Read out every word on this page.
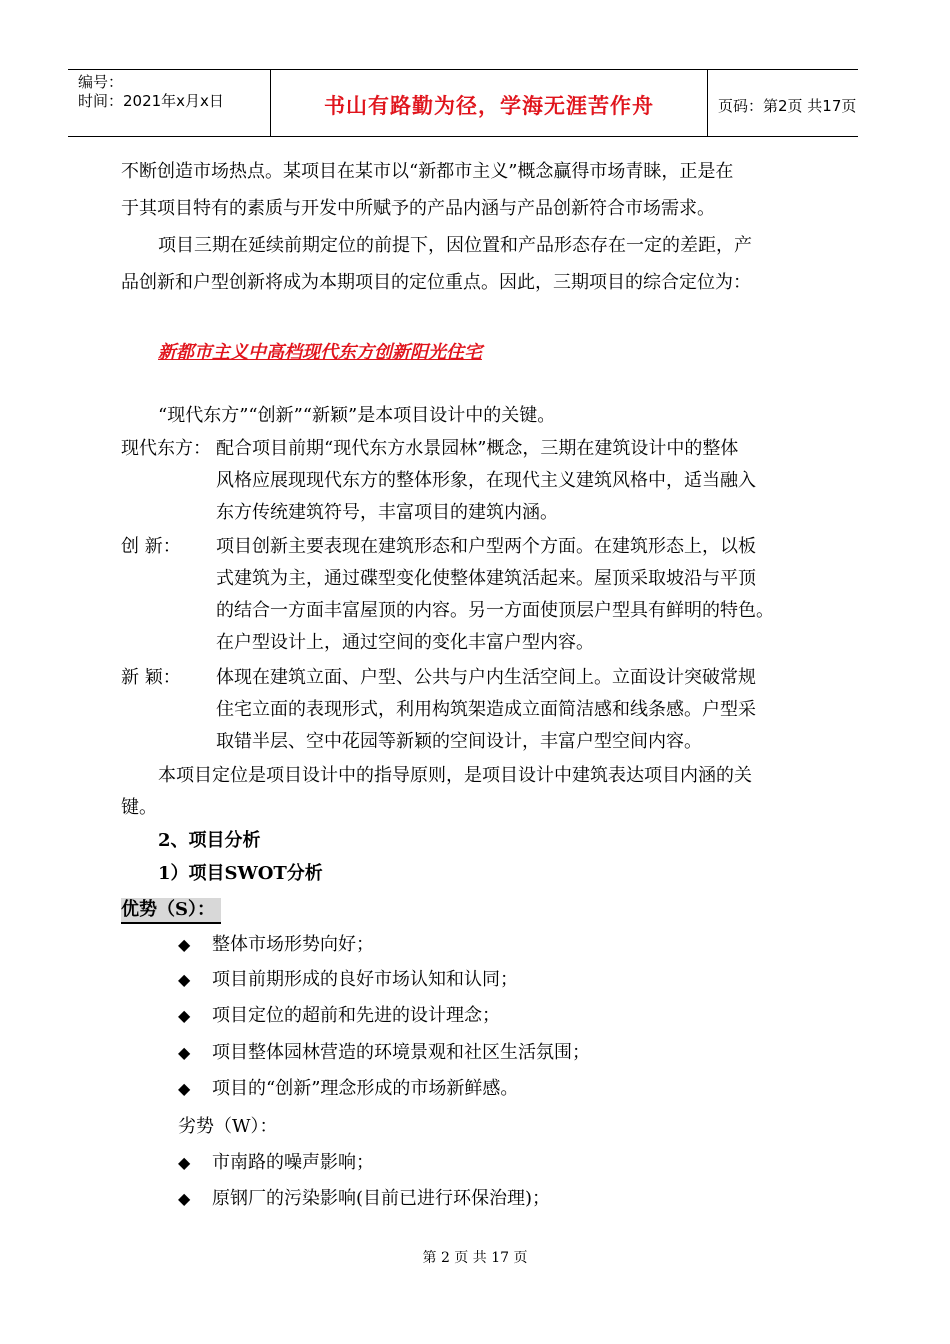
编号：
时间：2021年x月x日	书山有路勤为径，学海无涯苦作舟	页码：第2页 共17页
不断创造市场热点。某项目在某市以“新都市主义”概念赢得市场青睐，正是在
于其项目特有的素质与开发中所赋予的产品内涵与产品创新符合市场需求。
项目三期在延续前期定位的前提下，因位置和产品形态存在一定的差距，产
品创新和户型创新将成为本期项目的定位重点。因此，三期项目的综合定位为：
新都市主义中高档现代东方创新阳光住宅
“现代东方”“创新”“新颖”是本项目设计中的关键。
现代东方： 配合项目前期“现代东方水景园林”概念，三期在建筑设计中的整体
风格应展现现代东方的整体形象，在现代主义建筑风格中，适当融入
东方传统建筑符号，丰富项目的建筑内涵。
创 新： 项目创新主要表现在建筑形态和户型两个方面。在建筑形态上，以板
式建筑为主，通过碟型变化使整体建筑活起来。屋顶采取坡沿与平顶
的结合一方面丰富屋顶的内容。另一方面使顶层户型具有鲜明的特色。
在户型设计上，通过空间的变化丰富户型内容。
新 颖： 体现在建筑立面、户型、公共与户内生活空间上。立面设计突破常规
住宅立面的表现形式，利用构筑架造成立面简洁感和线条感。户型采
取错半层、空中花园等新颖的空间设计，丰富户型空间内容。
本项目定位是项目设计中的指导原则，是项目设计中建筑表达项目内涵的关
键。
2、项目分析
1）项目SWOT分析
优势（S）：
◆ 整体市场形势向好；
◆ 项目前期形成的良好市场认知和认同；
◆ 项目定位的超前和先进的设计理念；
◆ 项目整体园林营造的环境景观和社区生活氛围；
◆ 项目的“创新”理念形成的市场新鲜感。
劣势（W）：
◆ 市南路的噪声影响；
◆ 原钢厂的污染影响(目前已进行环保治理)；
第 2 页 共 17 页
